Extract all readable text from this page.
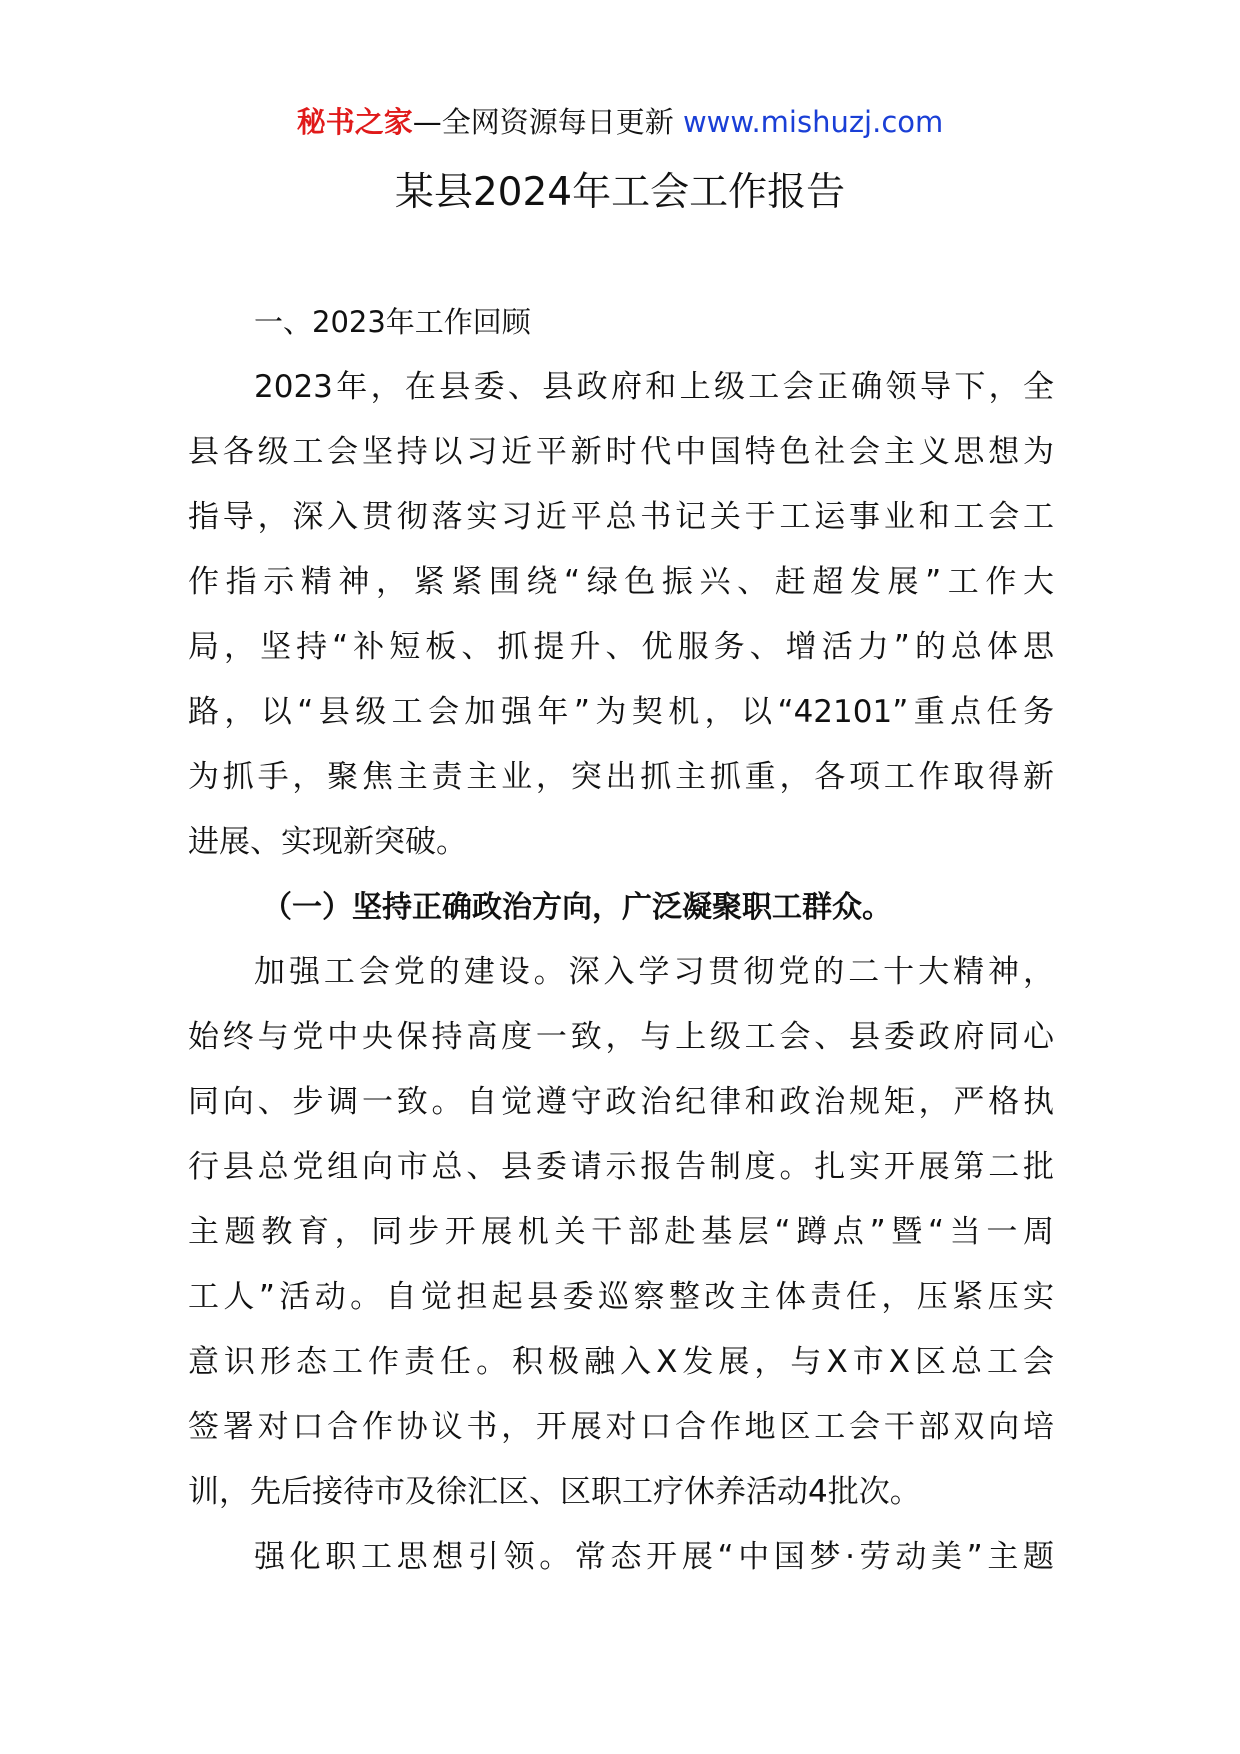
秘书之家—全网资源每日更新 www.mishuzj.com
某县2024年工会工作报告
一、2023年工作回顾
2023年，在县委、县政府和上级工会正确领导下，全
县各级工会坚持以习近平新时代中国特色社会主义思想为
指导，深入贯彻落实习近平总书记关于工运事业和工会工
作指示精神，紧紧围绕“绿色振兴、赶超发展”工作大
局，坚持“补短板、抓提升、优服务、增活力”的总体思
路，以“县级工会加强年”为契机，以“42101”重点任务
为抓手，聚焦主责主业，突出抓主抓重，各项工作取得新
进展、实现新突破。
（一）坚持正确政治方向，广泛凝聚职工群众。
加强工会党的建设。深入学习贯彻党的二十大精神，
始终与党中央保持高度一致，与上级工会、县委政府同心
同向、步调一致。自觉遵守政治纪律和政治规矩，严格执
行县总党组向市总、县委请示报告制度。扎实开展第二批
主题教育，同步开展机关干部赴基层“蹲点”暨“当一周
工人”活动。自觉担起县委巡察整改主体责任，压紧压实
意识形态工作责任。积极融入X发展，与X市X区总工会
签署对口合作协议书，开展对口合作地区工会干部双向培
训，先后接待市及徐汇区、区职工疗休养活动4批次。
强化职工思想引领。常态开展“中国梦·劳动美”主题
